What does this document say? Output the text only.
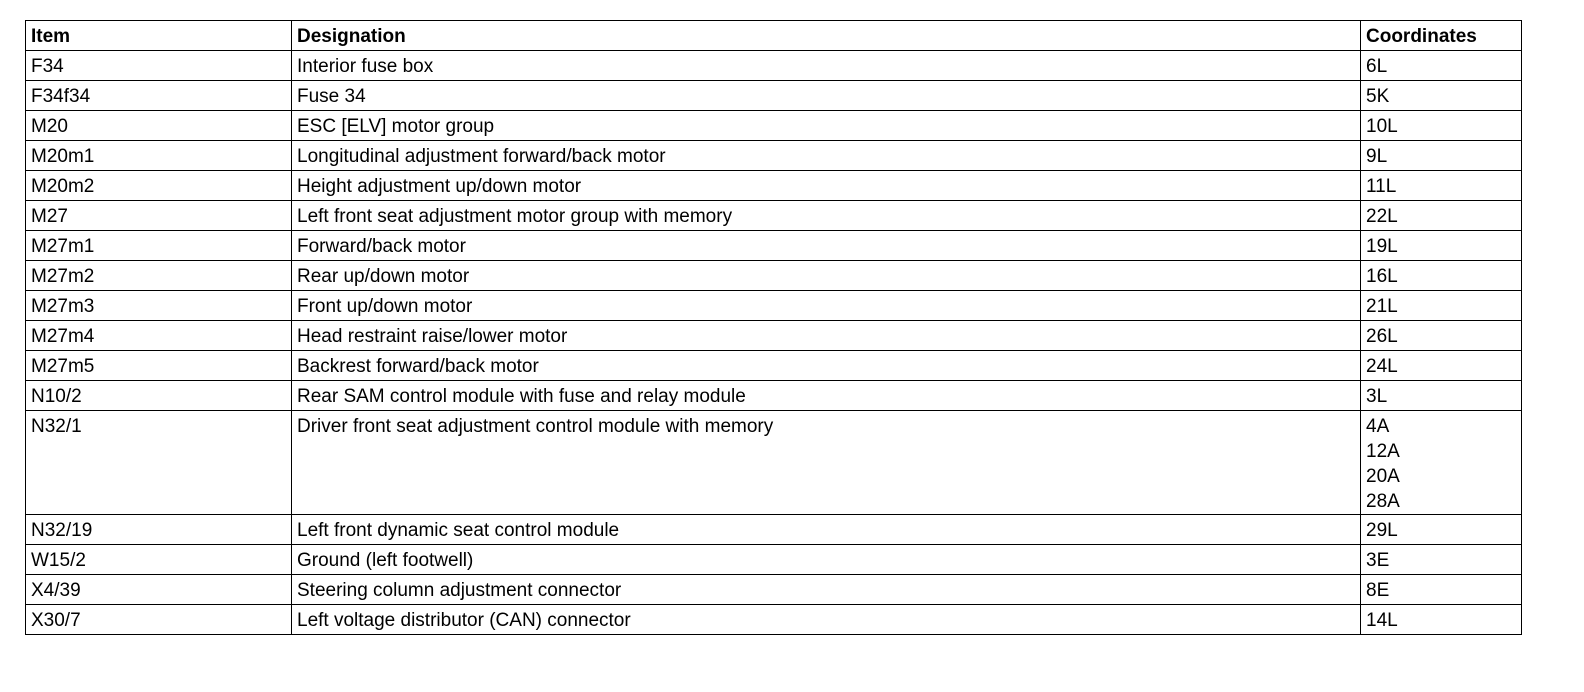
Item	Designation	Coordinates
F34	Interior fuse box	6L

F34f34	Fuse 34	5K

M20	ESC [ELV] motor group	10L

M20m1	Longitudinal adjustment forward/back motor	9L

M20m2	Height adjustment up/down motor	11L

M27	Left front seat adjustment motor group with memory	22L

M27m1	Forward/back motor	19L

M27m2	Rear up/down motor	16L

M27m3	Front up/down motor	21L

M27m4	Head restraint raise/lower motor	26L

M27m5	Backrest forward/back motor	24L

N10/2	Rear SAM control module with fuse and relay module	3L

N32/1	Driver front seat adjustment control module with memory	4A
12A
20A
28A

N32/19	Left front dynamic seat control module	29L

W15/2	Ground (left footwell)	3E

X4/39	Steering column adjustment connector	8E

X30/7	Left voltage distributor (CAN) connector	14L
